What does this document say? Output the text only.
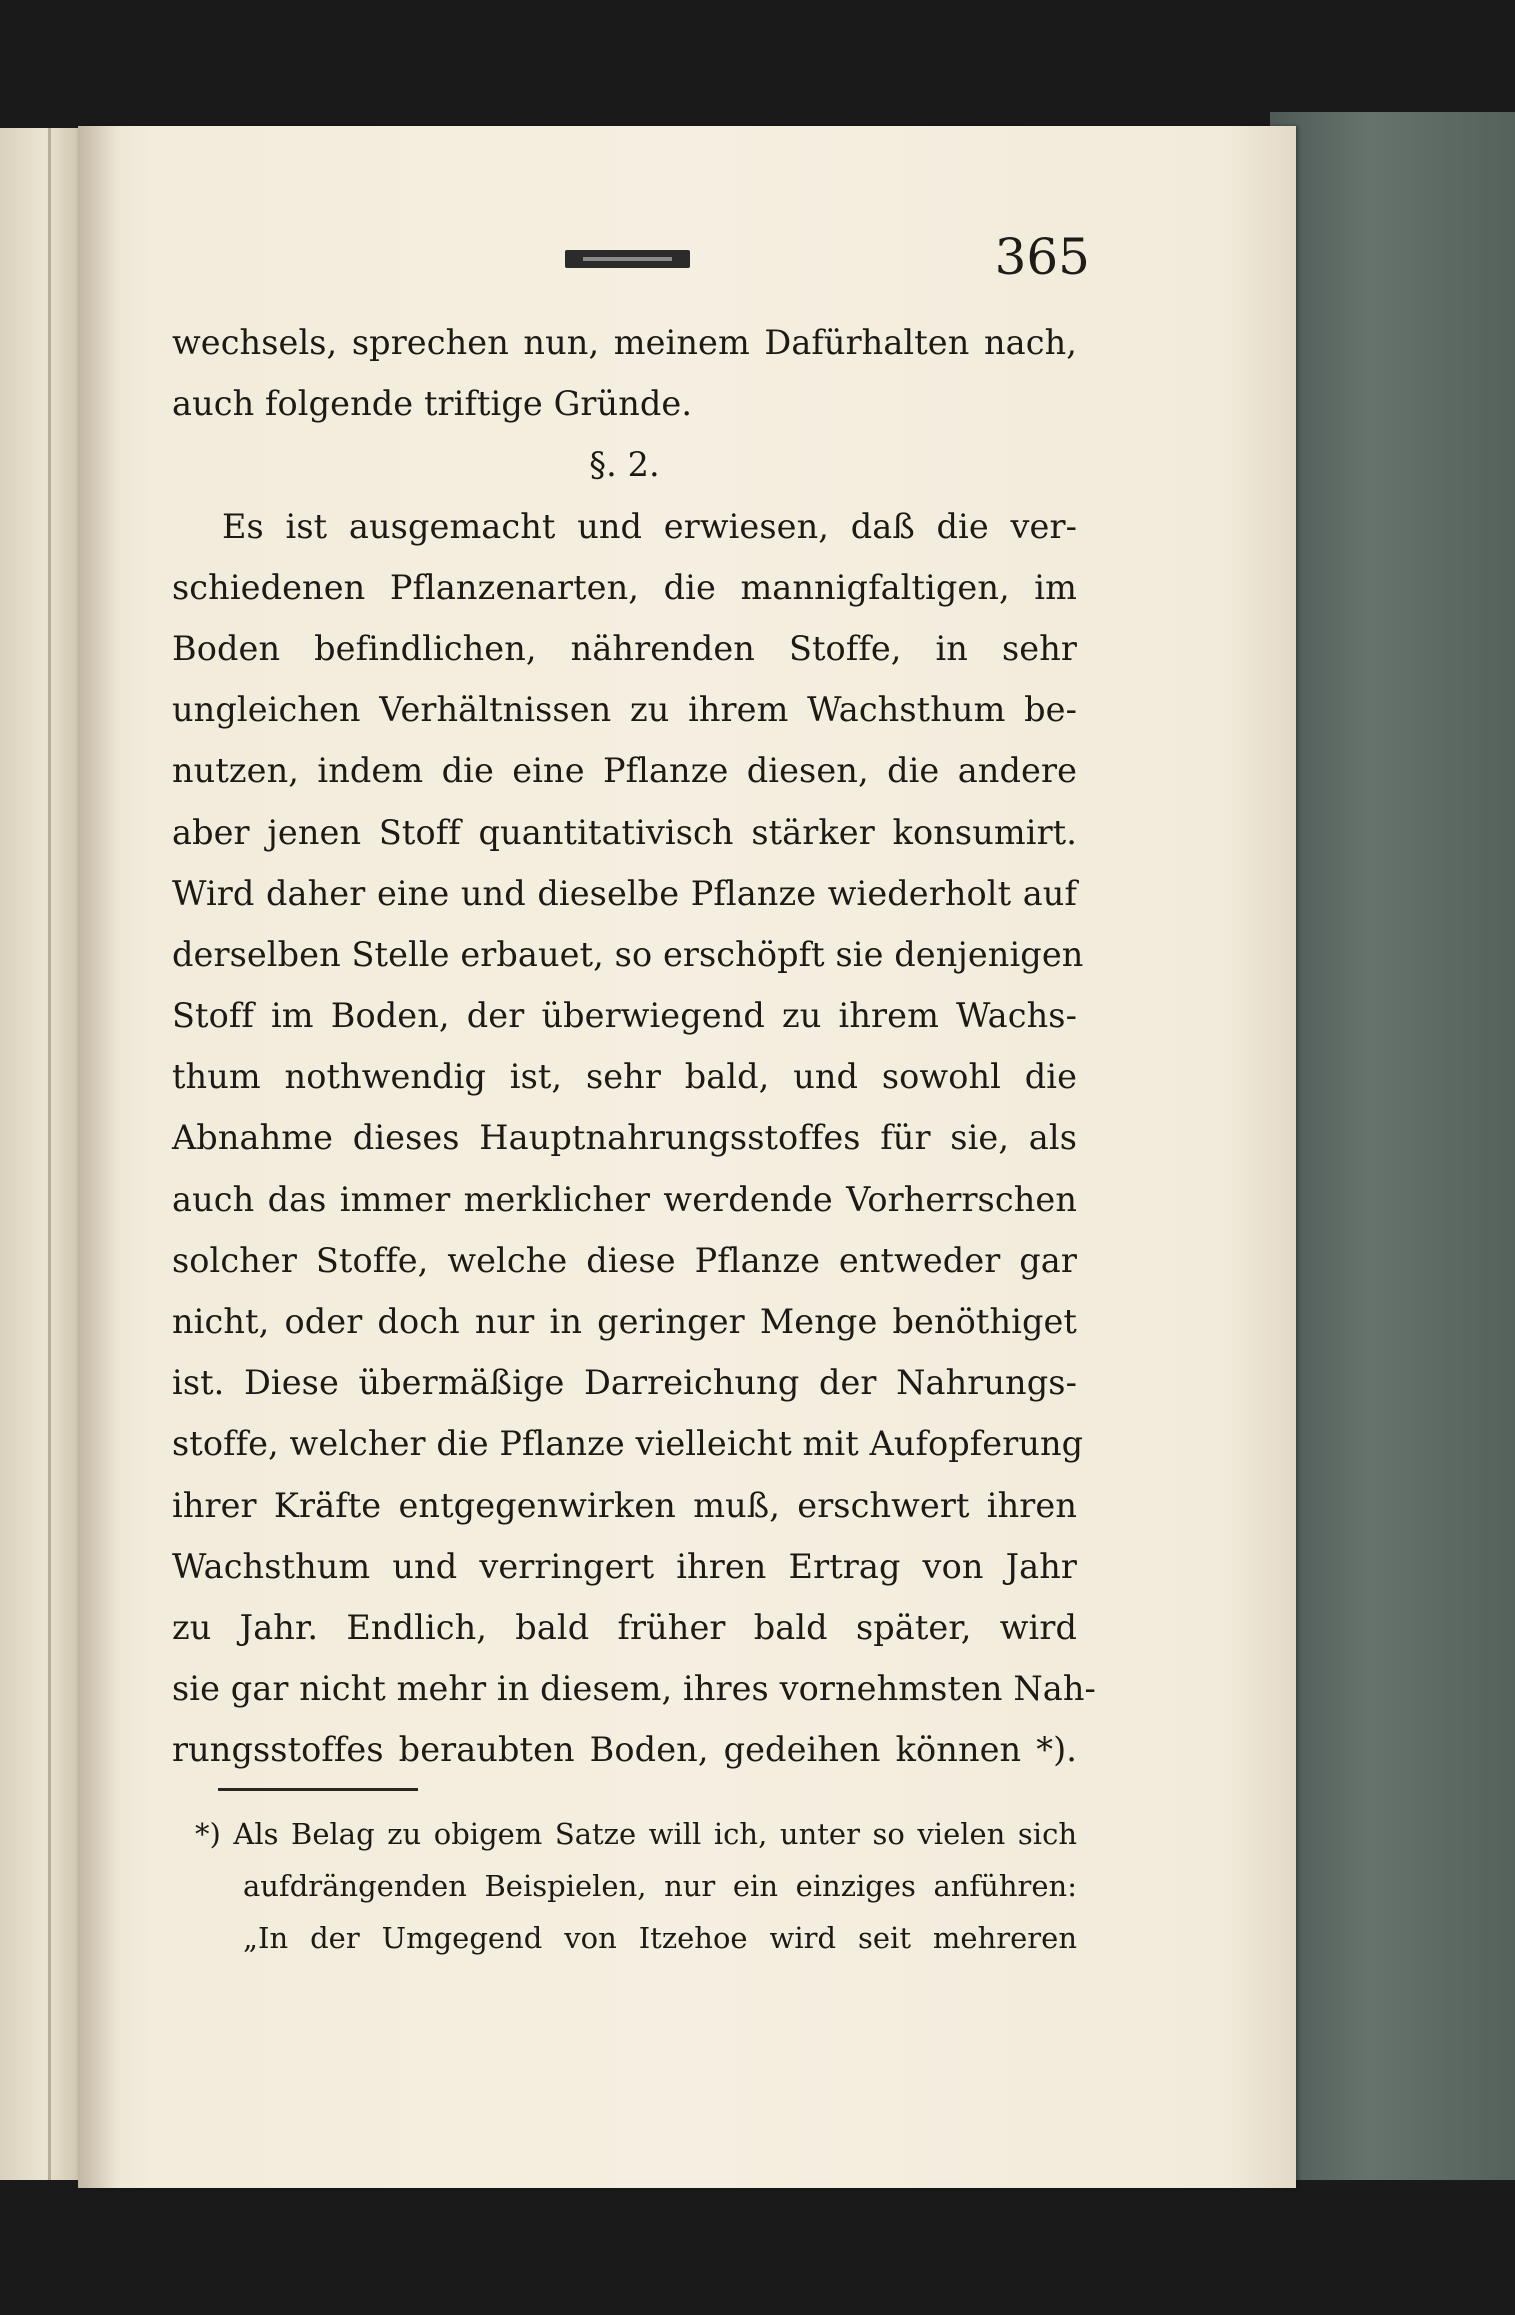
365
wechsels, sprechen nun, meinem Dafürhalten nach,
auch folgende triftige Gründe.
§. 2.
Es ist ausgemacht und erwiesen, daß die ver-
schiedenen Pflanzenarten, die mannigfaltigen, im
Boden befindlichen, nährenden Stoffe, in sehr
ungleichen Verhältnissen zu ihrem Wachsthum be-
nutzen, indem die eine Pflanze diesen, die andere
aber jenen Stoff quantitativisch stärker konsumirt.
Wird daher eine und dieselbe Pflanze wiederholt auf
derselben Stelle erbauet, so erschöpft sie denjenigen
Stoff im Boden, der überwiegend zu ihrem Wachs-
thum nothwendig ist, sehr bald, und sowohl die
Abnahme dieses Hauptnahrungsstoffes für sie, als
auch das immer merklicher werdende Vorherrschen
solcher Stoffe, welche diese Pflanze entweder gar
nicht, oder doch nur in geringer Menge benöthiget
ist. Diese übermäßige Darreichung der Nahrungs-
stoffe, welcher die Pflanze vielleicht mit Aufopferung
ihrer Kräfte entgegenwirken muß, erschwert ihren
Wachsthum und verringert ihren Ertrag von Jahr
zu Jahr. Endlich, bald früher bald später, wird
sie gar nicht mehr in diesem, ihres vornehmsten Nah-
rungsstoffes beraubten Boden, gedeihen können *).
*) Als Belag zu obigem Satze will ich, unter so vielen sich
aufdrängenden Beispielen, nur ein einziges anführen:
„In der Umgegend von Itzehoe wird seit mehreren
